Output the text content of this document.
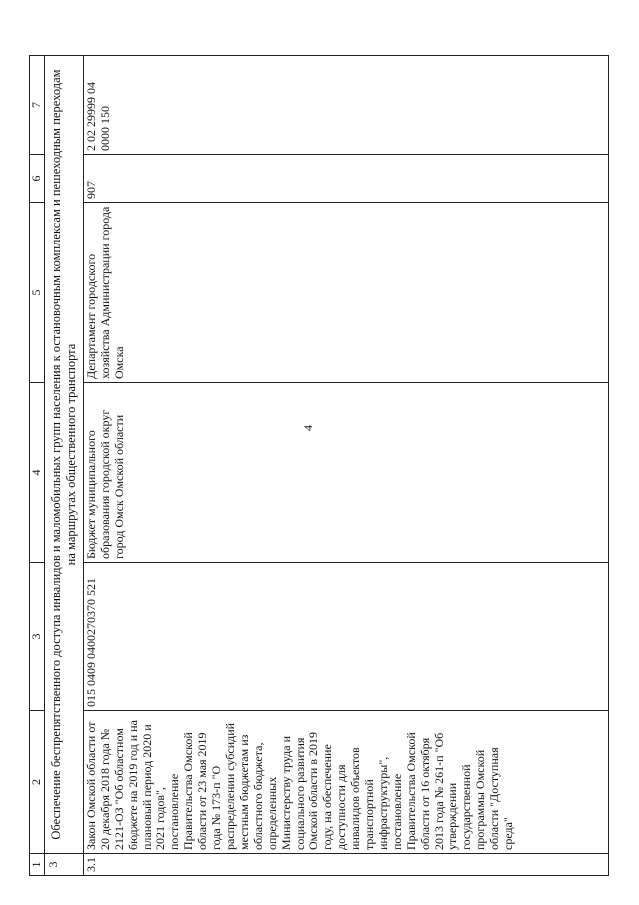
4
1	2	3	4	5	6	7
3	Обеспечение беспрепятственного доступа инвалидов и маломобильных групп населения к остановочным комплексам и пешеходным переходам на маршрутах общественного транспорта					
3.1	Закон Омской области от 20 декабря 2018 года № 2121-ОЗ "Об областном бюджете на 2019 год и на плановый период 2020 и 2021 годов", постановление Правительства Омской области от 23 мая 2019 года № 173-п "О распределении субсидий местным бюджетам из областного бюджета, определенных Министерству труда и социального развития Омской области в 2019 году, на обеспечение доступности для инвалидов объектов транспортной инфраструктуры", постановление Правительства Омской области от 16 октября 2013 года № 261-п "Об утверждении государственной программы Омской области "Доступная среда"	015 0409 0400270370 521	Бюджет муниципального образования городской округ город Омск Омской области	Департамент городского хозяйства Администрации города Омска	907	2 02 29999 04 0000 150
